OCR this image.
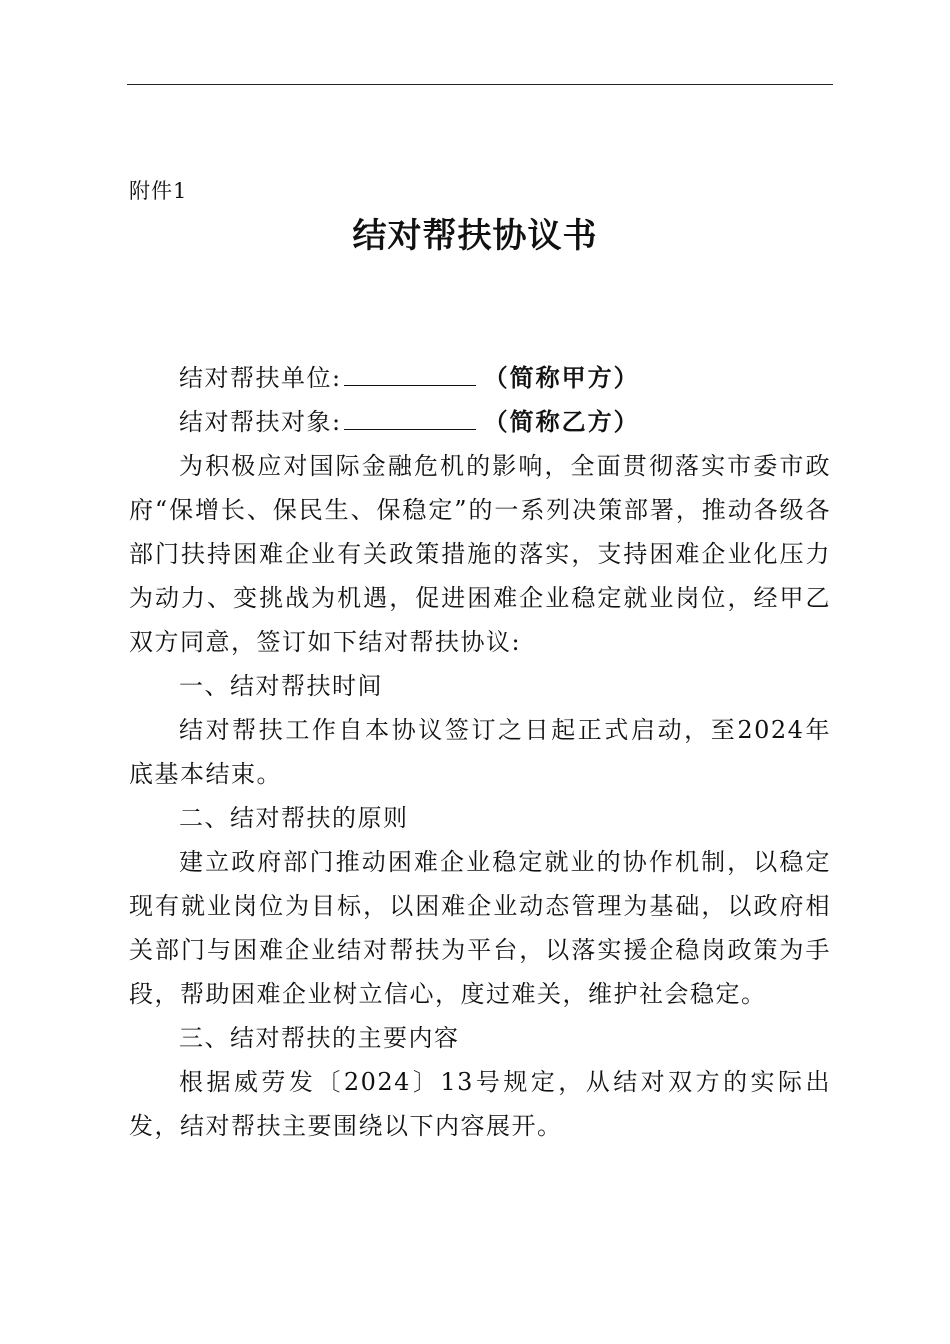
附件1
结对帮扶协议书
结对帮扶单位:	（简称甲方）
结对帮扶对象:	（简称乙方）

为积极应对国际金融危机的影响，全面贯彻落实市委市政府“保增长、保民生、保稳定”的一系列决策部署，推动各级各部门扶持困难企业有关政策措施的落实，支持困难企业化压力为动力、变挑战为机遇，促进困难企业稳定就业岗位，经甲乙双方同意，签订如下结对帮扶协议:

一、结对帮扶时间

结对帮扶工作自本协议签订之日起正式启动，至2024年底基本结束。

二、结对帮扶的原则

建立政府部门推动困难企业稳定就业的协作机制，以稳定现有就业岗位为目标，以困难企业动态管理为基础，以政府相关部门与困难企业结对帮扶为平台，以落实援企稳岗政策为手段，帮助困难企业树立信心，度过难关，维护社会稳定。

三、结对帮扶的主要内容

根据威劳发〔2024〕13号规定，从结对双方的实际出发，结对帮扶主要围绕以下内容展开。
